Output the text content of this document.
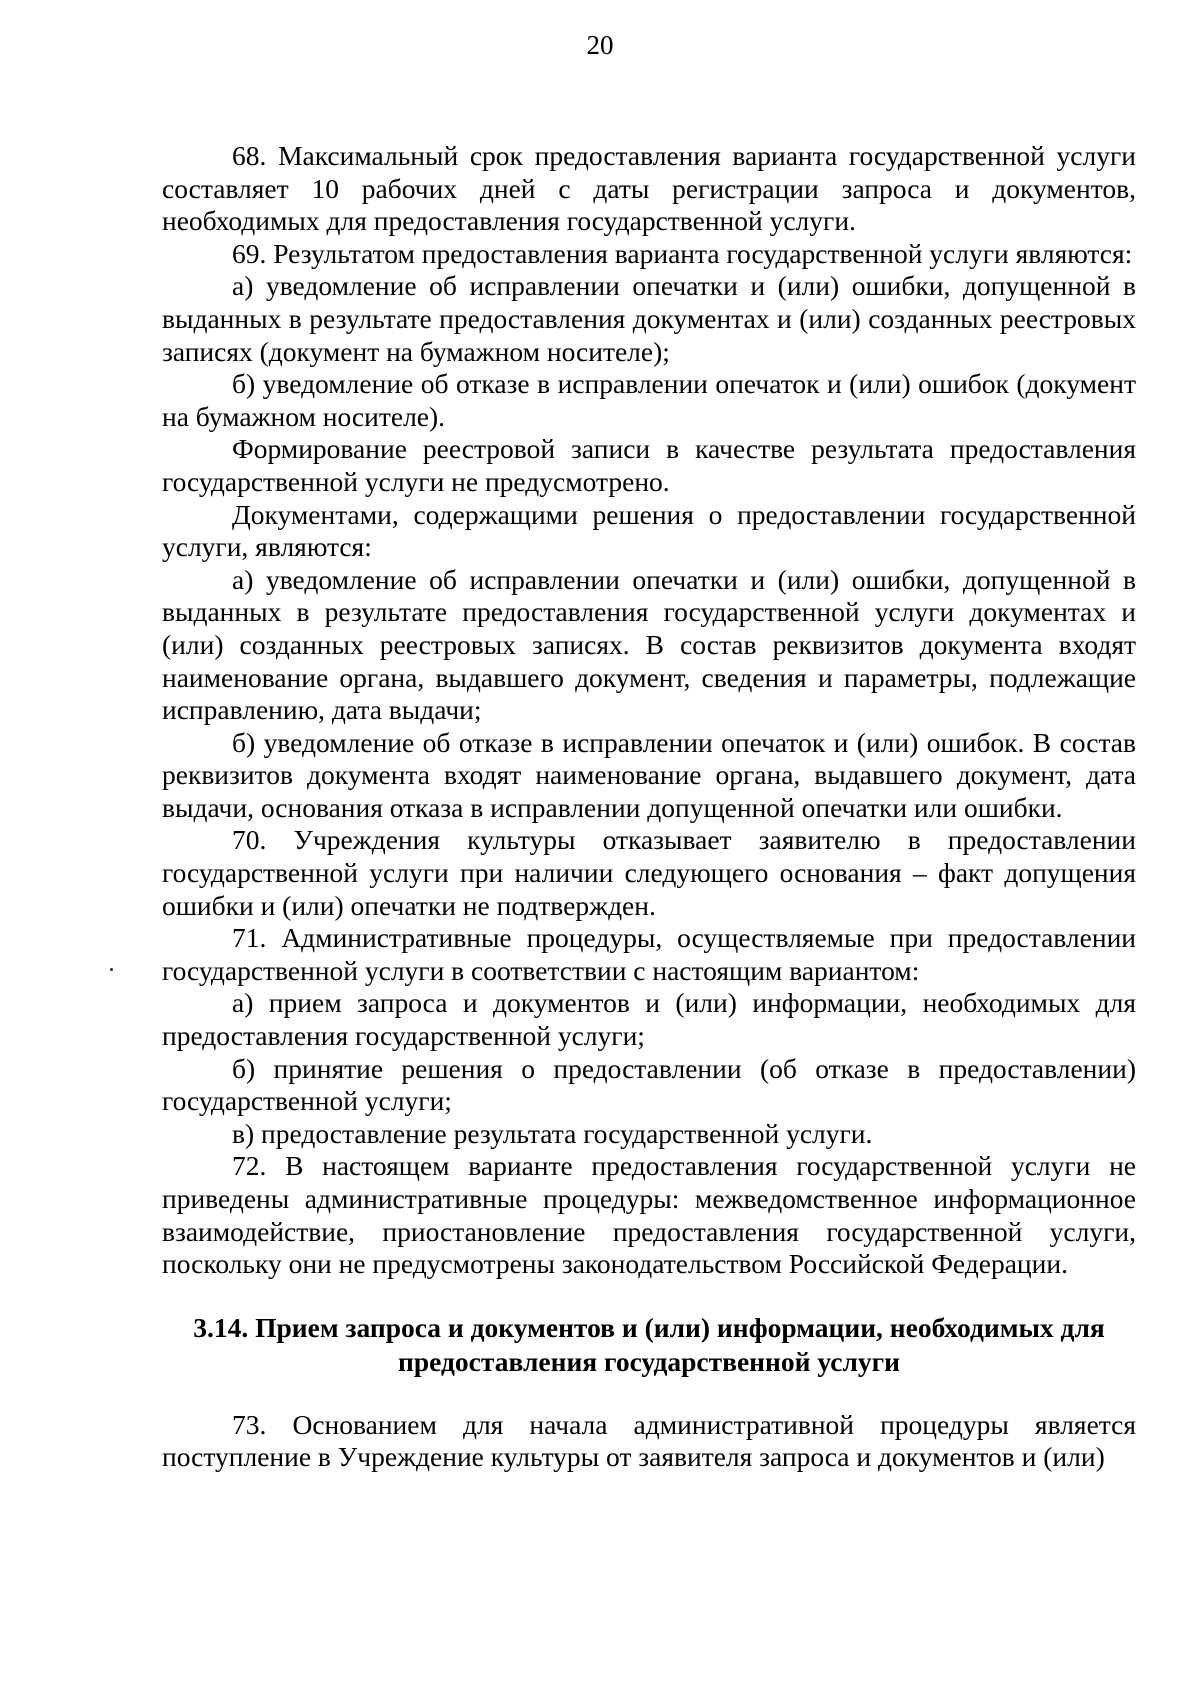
20

68. Максимальный срок предоставления варианта государственной услуги составляет 10 рабочих дней с даты регистрации запроса и документов, необходимых для предоставления государственной услуги.

69. Результатом предоставления варианта государственной услуги являются:

а) уведомление об исправлении опечатки и (или) ошибки, допущенной в выданных в результате предоставления документах и (или) созданных реестровых записях (документ на бумажном носителе);

б) уведомление об отказе в исправлении опечаток и (или) ошибок (документ на бумажном носителе).

Формирование реестровой записи в качестве результата предоставления государственной услуги не предусмотрено.

Документами, содержащими решения о предоставлении государственной услуги, являются:

а) уведомление об исправлении опечатки и (или) ошибки, допущенной в выданных в результате предоставления государственной услуги документах и (или) созданных реестровых записях. В состав реквизитов документа входят наименование органа, выдавшего документ, сведения и параметры, подлежащие исправлению, дата выдачи;

б) уведомление об отказе в исправлении опечаток и (или) ошибок. В состав реквизитов документа входят наименование органа, выдавшего документ, дата выдачи, основания отказа в исправлении допущенной опечатки или ошибки.

70. Учреждения культуры отказывает заявителю в предоставлении государственной услуги при наличии следующего основания – факт допущения ошибки и (или) опечатки не подтвержден.

71. Административные процедуры, осуществляемые при предоставлении государственной услуги в соответствии с настоящим вариантом:

а) прием запроса и документов и (или) информации, необходимых для предоставления государственной услуги;

б) принятие решения о предоставлении (об отказе в предоставлении) государственной услуги;

в) предоставление результата государственной услуги.

72. В настоящем варианте предоставления государственной услуги не приведены административные процедуры: межведомственное информационное взаимодействие, приостановление предоставления государственной услуги, поскольку они не предусмотрены законодательством Российской Федерации.

3.14. Прием запроса и документов и (или) информации, необходимых для предоставления государственной услуги

73. Основанием для начала административной процедуры является поступление в Учреждение культуры от заявителя запроса и документов и (или)
